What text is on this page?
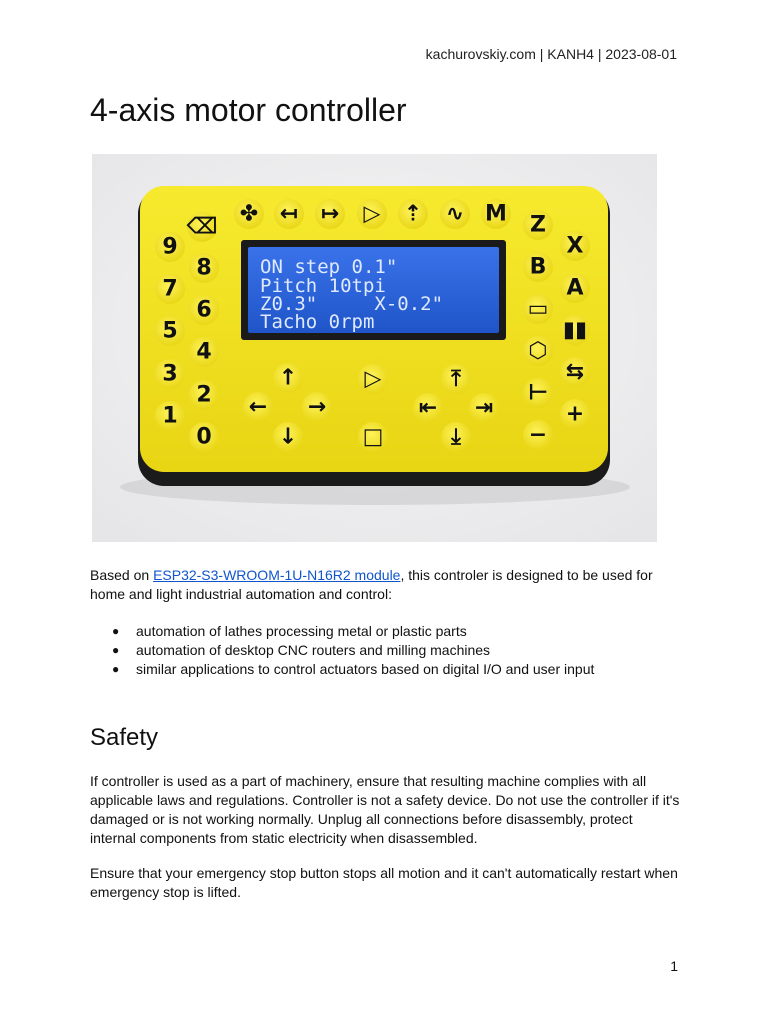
kachurovskiy.com | KANH4 | 2023-08-01
4-axis motor controller
ON step 0.1"
Pitch 10tpi
Z0.3"     X-0.2"
Tacho 0rpm
⌫
✤ ↤ ↦ ▷ ⇡ ∿ M
9
7
5
3
1
8
6
4
2
0
↑
← →
↓
▷
□
⤒
⇤ ⇥
⤓
Z
B
▭
⬡
⊢
−
X
A
▮▮
⇆
+

Based on ESP32-S3-WROOM-1U-N16R2 module, this controler is designed to be used for home and light industrial automation and control:

● automation of lathes processing metal or plastic parts
● automation of desktop CNC routers and milling machines
● similar applications to control actuators based on digital I/O and user input
Safety

If controller is used as a part of machinery, ensure that resulting machine complies with all applicable laws and regulations. Controller is not a safety device. Do not use the controller if it's damaged or is not working normally. Unplug all connections before disassembly, protect internal components from static electricity when disassembled.

Ensure that your emergency stop button stops all motion and it can't automatically restart when emergency stop is lifted.

1
